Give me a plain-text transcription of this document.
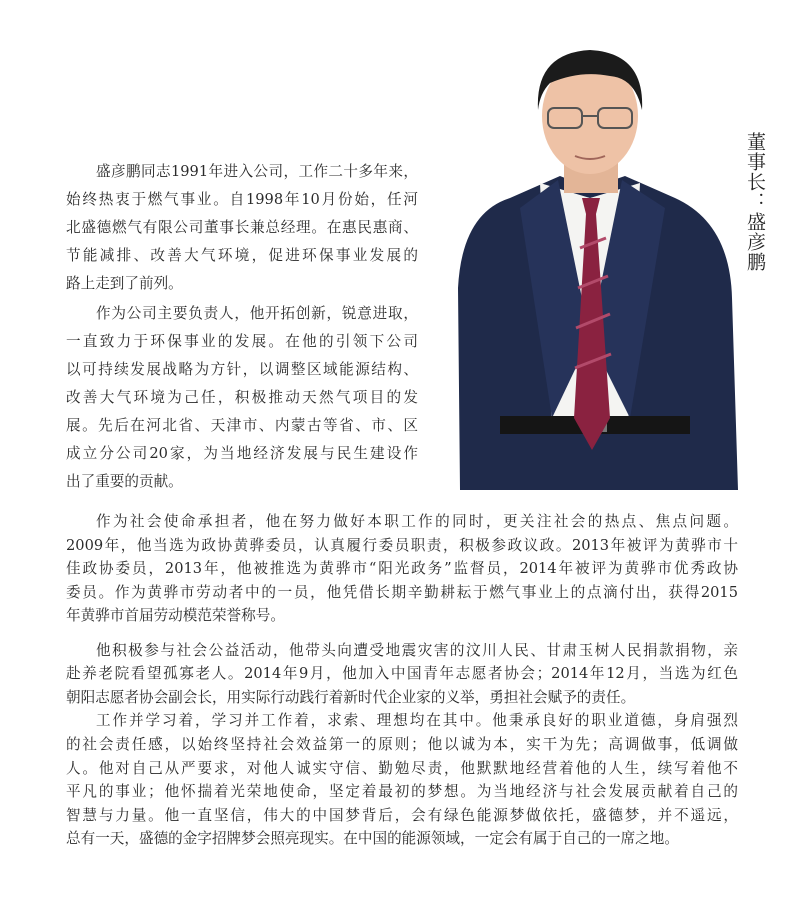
董事长：盛彦鹏
盛彦鹏同志1991年进入公司，工作二十多年来，
始终热衷于燃气事业。自1998年10月份始，任河
北盛德燃气有限公司董事长兼总经理。在惠民惠商、
节能减排、改善大气环境，促进环保事业发展的
路上走到了前列。
作为公司主要负责人，他开拓创新，锐意进取，
一直致力于环保事业的发展。在他的引领下公司
以可持续发展战略为方针，以调整区域能源结构、
改善大气环境为己任，积极推动天然气项目的发
展。先后在河北省、天津市、内蒙古等省、市、区
成立分公司20家，为当地经济发展与民生建设作
出了重要的贡献。
作为社会使命承担者，他在努力做好本职工作的同时，更关注社会的热点、焦点问题。
2009年，他当选为政协黄骅委员，认真履行委员职责，积极参政议政。2013年被评为黄骅市十
佳政协委员，2013年，他被推选为黄骅市“阳光政务”监督员，2014年被评为黄骅市优秀政协
委员。作为黄骅市劳动者中的一员，他凭借长期辛勤耕耘于燃气事业上的点滴付出，获得2015
年黄骅市首届劳动模范荣誉称号。
他积极参与社会公益活动，他带头向遭受地震灾害的汶川人民、甘肃玉树人民捐款捐物，亲
赴养老院看望孤寡老人。2014年9月，他加入中国青年志愿者协会；2014年12月，当选为红色
朝阳志愿者协会副会长，用实际行动践行着新时代企业家的义举，勇担社会赋予的责任。
工作并学习着，学习并工作着，求索、理想均在其中。他秉承良好的职业道德，身肩强烈
的社会责任感，以始终坚持社会效益第一的原则；他以诚为本，实干为先；高调做事，低调做
人。他对自己从严要求，对他人诚实守信、勤勉尽责，他默默地经营着他的人生，续写着他不
平凡的事业；他怀揣着光荣地使命，坚定着最初的梦想。为当地经济与社会发展贡献着自己的
智慧与力量。他一直坚信，伟大的中国梦背后，会有绿色能源梦做依托，盛德梦，并不遥远，
总有一天，盛德的金字招牌梦会照亮现实。在中国的能源领域，一定会有属于自己的一席之地。
